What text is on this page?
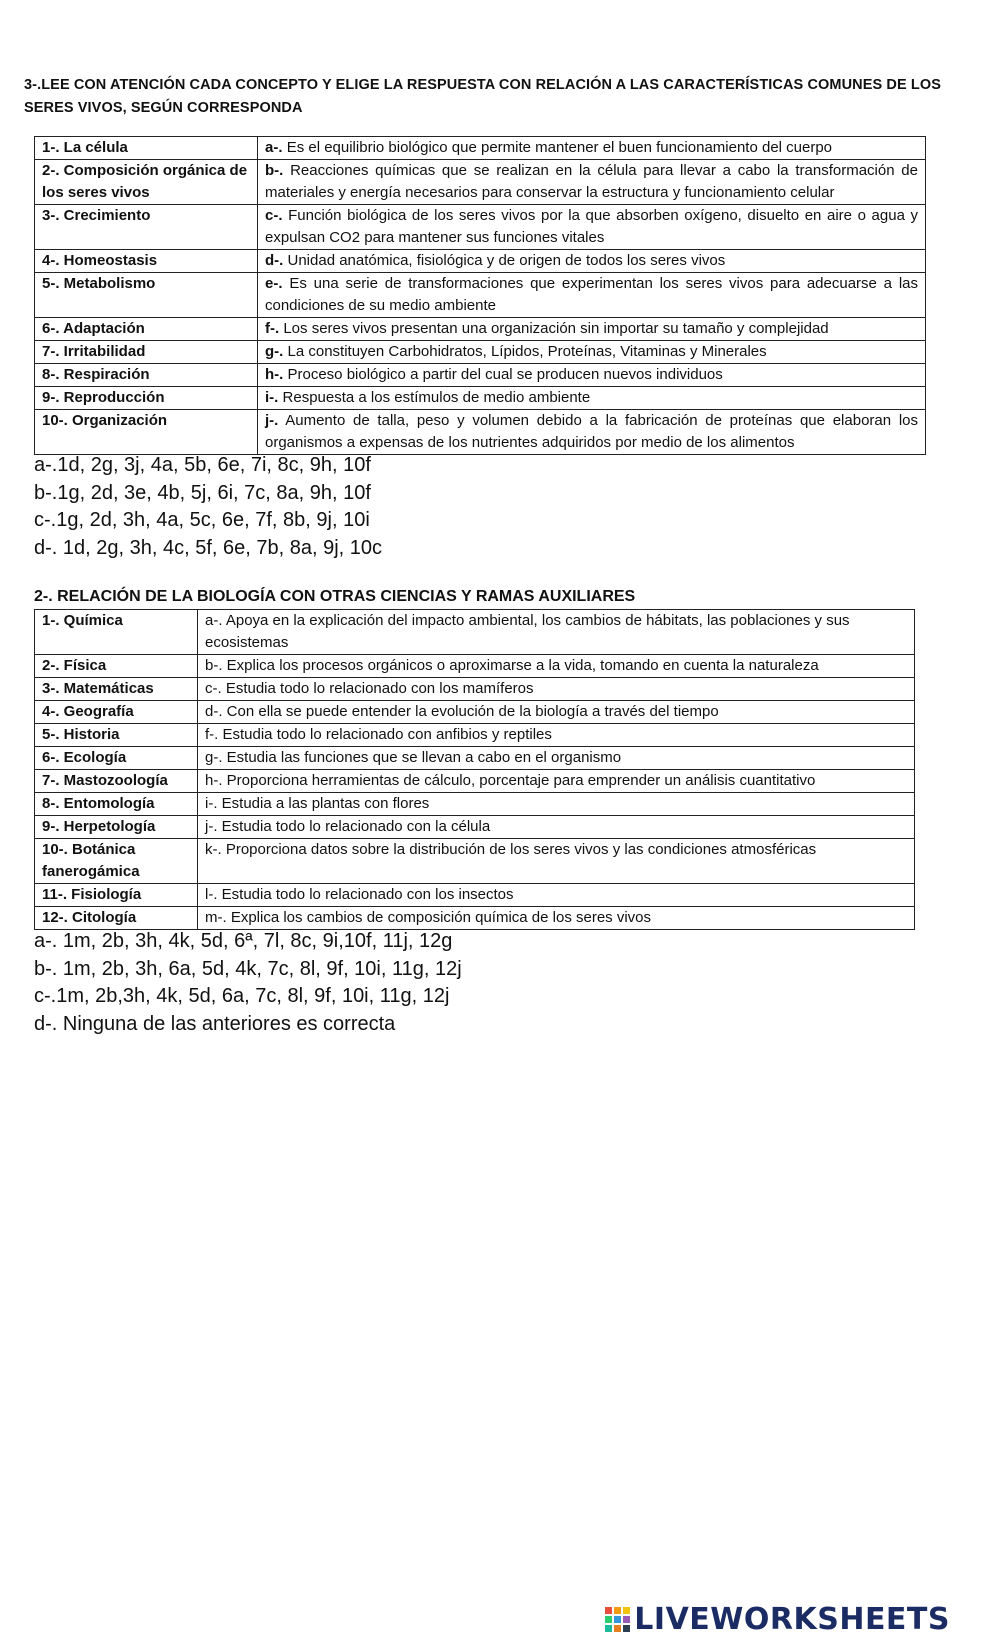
3-.LEE CON ATENCIÓN CADA CONCEPTO Y ELIGE LA RESPUESTA CON RELACIÓN A LAS CARACTERÍSTICAS COMUNES DE LOS
SERES VIVOS, SEGÚN CORRESPONDA
1-. La célula	a-. Es el equilibrio biológico que permite mantener el buen funcionamiento del cuerpo
2-. Composición orgánica de los seres vivos	b-. Reacciones químicas que se realizan en la célula para llevar a cabo la transformación de materiales y energía necesarios para conservar la estructura y funcionamiento celular
3-. Crecimiento	c-. Función biológica de los seres vivos por la que absorben oxígeno, disuelto en aire o agua y expulsan CO2 para mantener sus funciones vitales
4-. Homeostasis	d-. Unidad anatómica, fisiológica y de origen de todos los seres vivos
5-. Metabolismo	e-. Es una serie de transformaciones que experimentan los seres vivos para adecuarse a las condiciones de su medio ambiente
6-. Adaptación	f-. Los seres vivos presentan una organización sin importar su tamaño y complejidad
7-. Irritabilidad	g-. La constituyen Carbohidratos, Lípidos, Proteínas, Vitaminas y Minerales
8-. Respiración	h-. Proceso biológico a partir del cual se producen nuevos individuos
9-. Reproducción	i-. Respuesta a los estímulos de medio ambiente
10-. Organización	j-. Aumento de talla, peso y volumen debido a la fabricación de proteínas que elaboran los organismos a expensas de los nutrientes adquiridos por medio de los alimentos
a-.1d, 2g, 3j, 4a, 5b, 6e, 7i, 8c, 9h, 10f
b-.1g, 2d, 3e, 4b, 5j, 6i, 7c, 8a, 9h, 10f
c-.1g, 2d, 3h, 4a, 5c, 6e, 7f, 8b, 9j, 10i
d-. 1d, 2g, 3h, 4c, 5f, 6e, 7b, 8a, 9j, 10c
2-. RELACIÓN DE LA BIOLOGÍA CON OTRAS CIENCIAS Y RAMAS AUXILIARES
1-. Química	a-. Apoya en la explicación del impacto ambiental, los cambios de hábitats, las poblaciones y sus ecosistemas
2-. Física	b-. Explica los procesos orgánicos o aproximarse a la vida, tomando en cuenta la naturaleza
3-. Matemáticas	c-. Estudia todo lo relacionado con los mamíferos
4-. Geografía	d-. Con ella se puede entender la evolución de la biología a través del tiempo
5-. Historia	f-. Estudia todo lo relacionado con anfibios y reptiles
6-. Ecología	g-. Estudia las funciones que se llevan a cabo en el organismo
7-. Mastozoología	h-. Proporciona herramientas de cálculo, porcentaje para emprender un análisis cuantitativo
8-. Entomología	i-. Estudia a las plantas con flores
9-. Herpetología	j-. Estudia todo lo relacionado con la célula
10-. Botánica fanerogámica	k-. Proporciona datos sobre la distribución de los seres vivos y las condiciones atmosféricas
11-. Fisiología	l-. Estudia todo lo relacionado con los insectos
12-. Citología	m-. Explica los cambios de composición química de los seres vivos
a-. 1m, 2b, 3h, 4k, 5d, 6ª, 7l, 8c, 9i,10f, 11j, 12g
b-. 1m, 2b, 3h, 6a, 5d, 4k, 7c, 8l, 9f, 10i, 11g, 12j
c-.1m, 2b,3h, 4k, 5d, 6a, 7c, 8l, 9f, 10i, 11g, 12j
d-. Ninguna de las anteriores es correcta
LIVEWORKSHEETS
